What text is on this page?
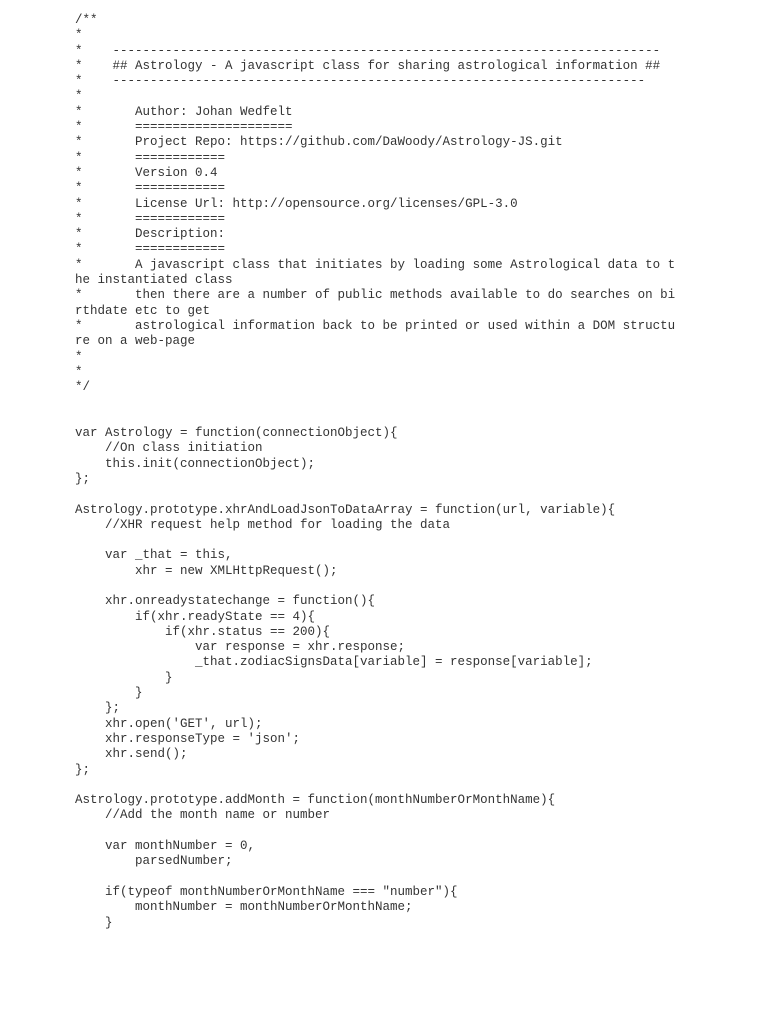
/**
*
*    -------------------------------------------------------------------------
*    ## Astrology - A javascript class for sharing astrological information ##
*    -----------------------------------------------------------------------
*
*       Author: Johan Wedfelt
*       =====================
*       Project Repo: https://github.com/DaWoody/Astrology-JS.git
*       ============
*       Version 0.4
*       ============
*       License Url: http://opensource.org/licenses/GPL-3.0
*       ============
*       Description:
*       ============
*       A javascript class that initiates by loading some Astrological data to t
he instantiated class
*       then there are a number of public methods available to do searches on bi
rthdate etc to get
*       astrological information back to be printed or used within a DOM structu
re on a web-page
*
*
*/
var Astrology = function(connectionObject){
//On class initiation
this.init(connectionObject);
};
Astrology.prototype.xhrAndLoadJsonToDataArray = function(url, variable){
//XHR request help method for loading the data
var _that = this,
xhr = new XMLHttpRequest();
xhr.onreadystatechange = function(){
if(xhr.readyState == 4){
if(xhr.status == 200){
var response = xhr.response;
_that.zodiacSignsData[variable] = response[variable];
}
}
};
xhr.open('GET', url);
xhr.responseType = 'json';
xhr.send();
};
Astrology.prototype.addMonth = function(monthNumberOrMonthName){
//Add the month name or number
var monthNumber = 0,
parsedNumber;
if(typeof monthNumberOrMonthName === "number"){
monthNumber = monthNumberOrMonthName;
}
